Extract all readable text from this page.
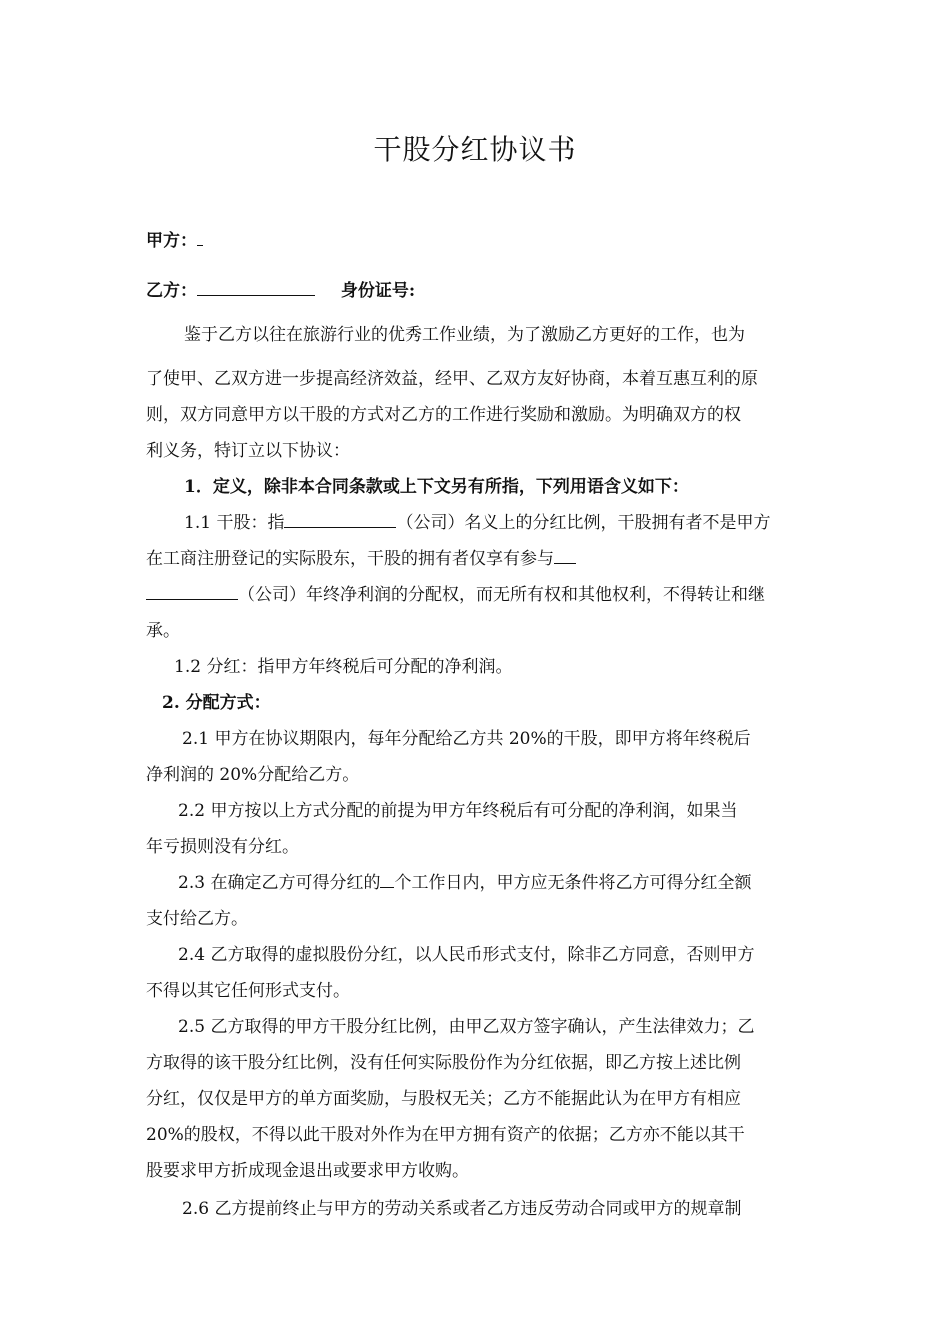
干股分红协议书
甲方：
乙方：	身份证号:
鉴于乙方以往在旅游行业的优秀工作业绩，为了激励乙方更好的工作，也为
了使甲、乙双方进一步提高经济效益，经甲、乙双方友好协商，本着互惠互利的原
则，双方同意甲方以干股的方式对乙方的工作进行奖励和激励。为明确双方的权
利义务，特订立以下协议：
1．定义，除非本合同条款或上下文另有所指，下列用语含义如下：
1.1 干股：指	（公司）名义上的分红比例，干股拥有者不是甲方
在工商注册登记的实际股东，干股的拥有者仅享有参与
（公司）年终净利润的分配权，而无所有权和其他权利，不得转让和继
承。
1.2 分红：指甲方年终税后可分配的净利润。
2. 分配方式：
2.1 甲方在协议期限内，每年分配给乙方共 20%的干股，即甲方将年终税后
净利润的 20%分配给乙方。
2.2 甲方按以上方式分配的前提为甲方年终税后有可分配的净利润，如果当
年亏损则没有分红。
2.3 在确定乙方可得分红的 个工作日内，甲方应无条件将乙方可得分红全额
支付给乙方。
2.4 乙方取得的虚拟股份分红，以人民币形式支付，除非乙方同意，否则甲方
不得以其它任何形式支付。
2.5 乙方取得的甲方干股分红比例，由甲乙双方签字确认，产生法律效力；乙
方取得的该干股分红比例，没有任何实际股份作为分红依据，即乙方按上述比例
分红，仅仅是甲方的单方面奖励，与股权无关；乙方不能据此认为在甲方有相应
20%的股权，不得以此干股对外作为在甲方拥有资产的依据；乙方亦不能以其干
股要求甲方折成现金退出或要求甲方收购。
2.6 乙方提前终止与甲方的劳动关系或者乙方违反劳动合同或甲方的规章制
